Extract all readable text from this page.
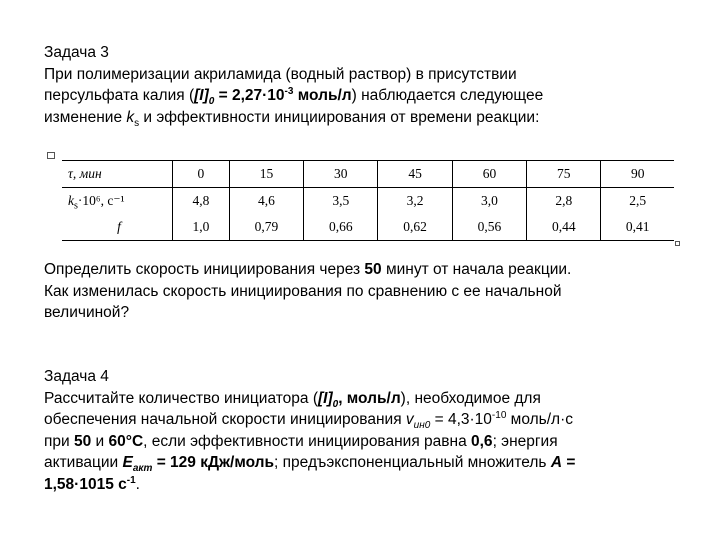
Задача 3
При полимеризации акриламида (водный раствор) в присутствии
персульфата калия ($[I]_0 = 2,27\cdot 10^{-3}$ моль/л) наблюдается следующее
изменение $k_s$ и эффективности инициирования от времени реакции:
τ, мин	0	15	30	45	60	75	90
$k_s\cdot 10^6$, с⁻¹	4,8	4,6	3,5	3,2	3,0	2,8	2,5
f	1,0	0,79	0,66	0,62	0,56	0,44	0,41
Определить скорость инициирования через 50 минут от начала реакции.
Как изменилась скорость инициирования по сравнению с ее начальной
величиной?
Задача 4
Рассчитайте количество инициатора ($[I]_0$, моль/л), необходимое для
обеспечения начальной скорости инициирования $v_{ин0} = 4,3\cdot 10^{-10}$ моль/л·с
при 50 и 60°C, если эффективности инициирования равна 0,6; энергия
активации $E_{акт} = 129$ кДж/моль; предъэкспоненциальный множитель A =
1,58·1015 $с^{-1}$.
